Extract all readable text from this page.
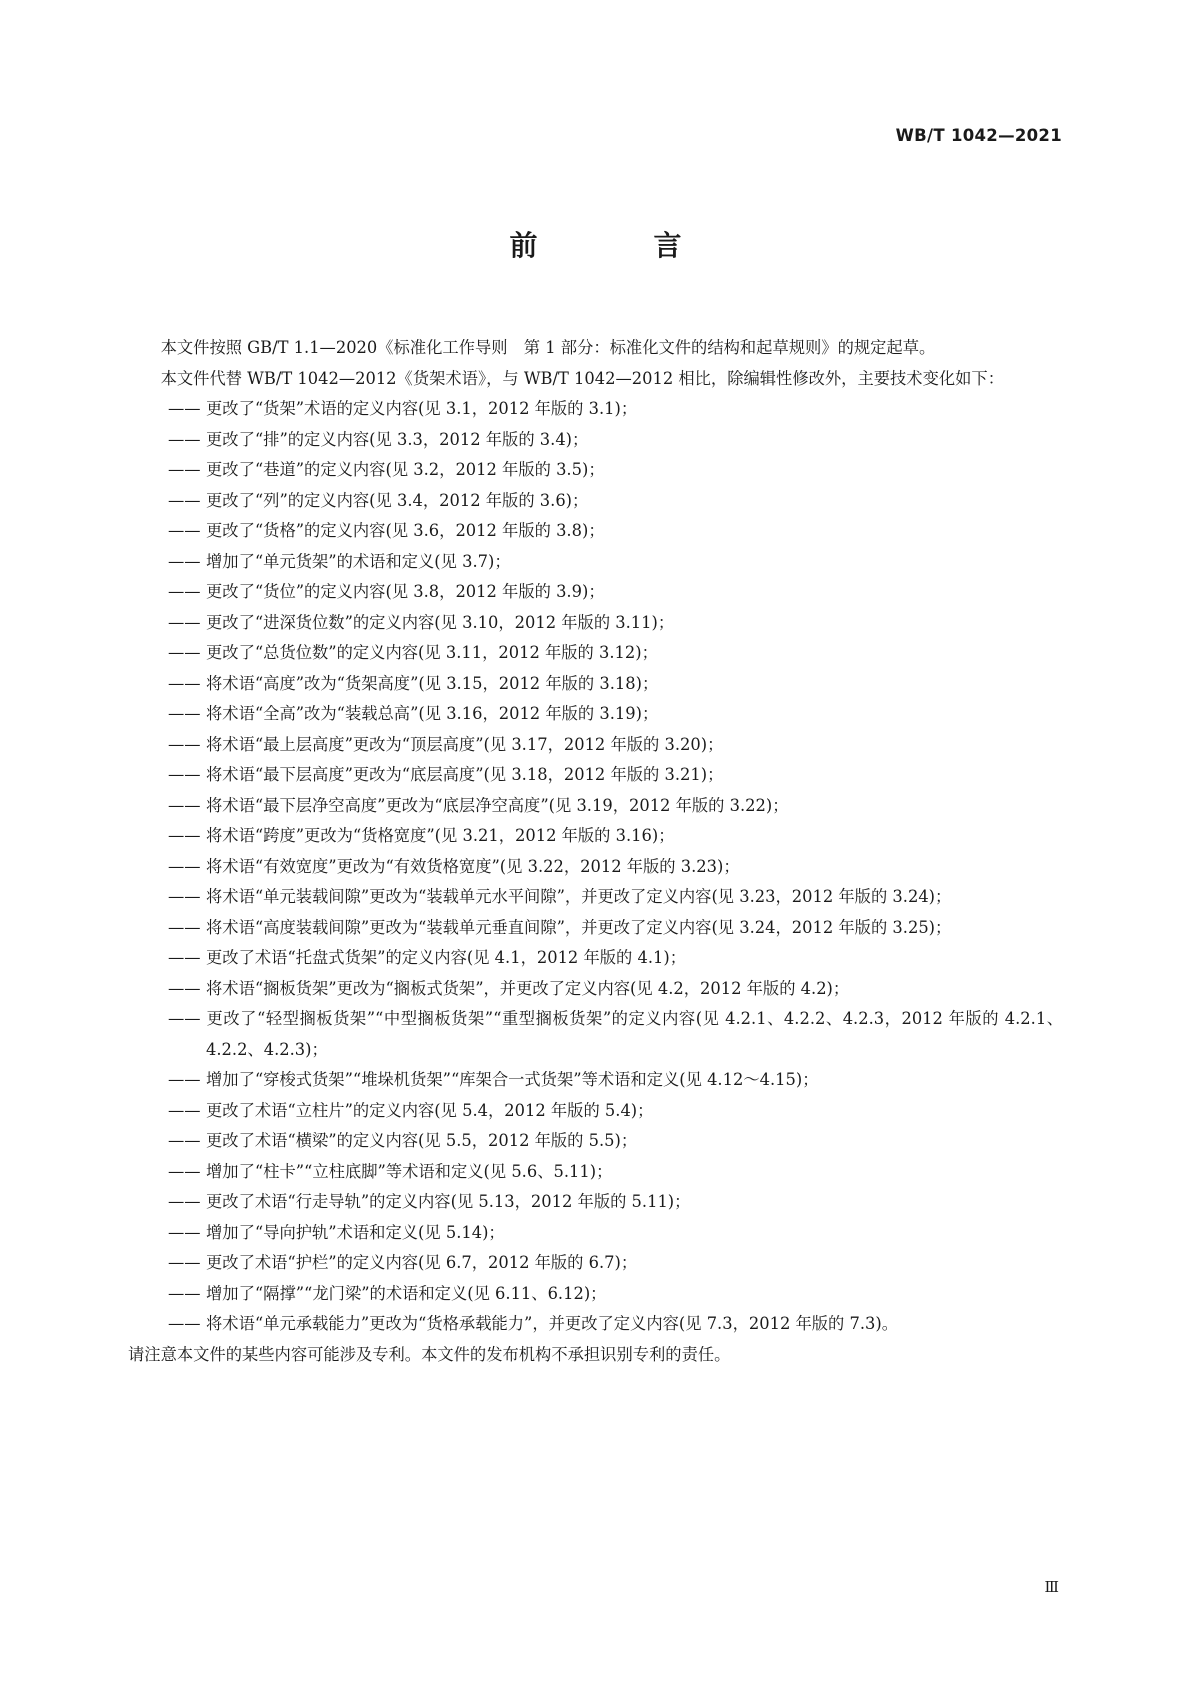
WB/T 1042—2021
前　言

本文件按照 GB/T 1.1—2020《标准化工作导则　第 1 部分：标准化文件的结构和起草规则》的规定起草。

本文件代替 WB/T 1042—2012《货架术语》，与 WB/T 1042—2012 相比，除编辑性修改外，主要技术变化如下：

—— 更改了“货架”术语的定义内容(见 3.1，2012 年版的 3.1)；
—— 更改了“排”的定义内容(见 3.3，2012 年版的 3.4)；
—— 更改了“巷道”的定义内容(见 3.2，2012 年版的 3.5)；
—— 更改了“列”的定义内容(见 3.4，2012 年版的 3.6)；
—— 更改了“货格”的定义内容(见 3.6，2012 年版的 3.8)；
—— 增加了“单元货架”的术语和定义(见 3.7)；
—— 更改了“货位”的定义内容(见 3.8，2012 年版的 3.9)；
—— 更改了“进深货位数”的定义内容(见 3.10，2012 年版的 3.11)；
—— 更改了“总货位数”的定义内容(见 3.11，2012 年版的 3.12)；
—— 将术语“高度”改为“货架高度”(见 3.15，2012 年版的 3.18)；
—— 将术语“全高”改为“装载总高”(见 3.16，2012 年版的 3.19)；
—— 将术语“最上层高度”更改为“顶层高度”(见 3.17，2012 年版的 3.20)；
—— 将术语“最下层高度”更改为“底层高度”(见 3.18，2012 年版的 3.21)；
—— 将术语“最下层净空高度”更改为“底层净空高度”(见 3.19，2012 年版的 3.22)；
—— 将术语“跨度”更改为“货格宽度”(见 3.21，2012 年版的 3.16)；
—— 将术语“有效宽度”更改为“有效货格宽度”(见 3.22，2012 年版的 3.23)；
—— 将术语“单元装载间隙”更改为“装载单元水平间隙”，并更改了定义内容(见 3.23，2012 年版的 3.24)；
—— 将术语“高度装载间隙”更改为“装载单元垂直间隙”，并更改了定义内容(见 3.24，2012 年版的 3.25)；
—— 更改了术语“托盘式货架”的定义内容(见 4.1，2012 年版的 4.1)；
—— 将术语“搁板货架”更改为“搁板式货架”，并更改了定义内容(见 4.2，2012 年版的 4.2)；
—— 更改了“轻型搁板货架”“中型搁板货架”“重型搁板货架”的定义内容(见 4.2.1、4.2.2、4.2.3，2012 年版的 4.2.1、4.2.2、4.2.3)；
—— 增加了“穿梭式货架”“堆垛机货架”“库架合一式货架”等术语和定义(见 4.12～4.15)；
—— 更改了术语“立柱片”的定义内容(见 5.4，2012 年版的 5.4)；
—— 更改了术语“横梁”的定义内容(见 5.5，2012 年版的 5.5)；
—— 增加了“柱卡”“立柱底脚”等术语和定义(见 5.6、5.11)；
—— 更改了术语“行走导轨”的定义内容(见 5.13，2012 年版的 5.11)；
—— 增加了“导向护轨”术语和定义(见 5.14)；
—— 更改了术语“护栏”的定义内容(见 6.7，2012 年版的 6.7)；
—— 增加了“隔撑”“龙门梁”的术语和定义(见 6.11、6.12)；
—— 将术语“单元承载能力”更改为“货格承载能力”，并更改了定义内容(见 7.3，2012 年版的 7.3)。

请注意本文件的某些内容可能涉及专利。本文件的发布机构不承担识别专利的责任。

Ⅲ
